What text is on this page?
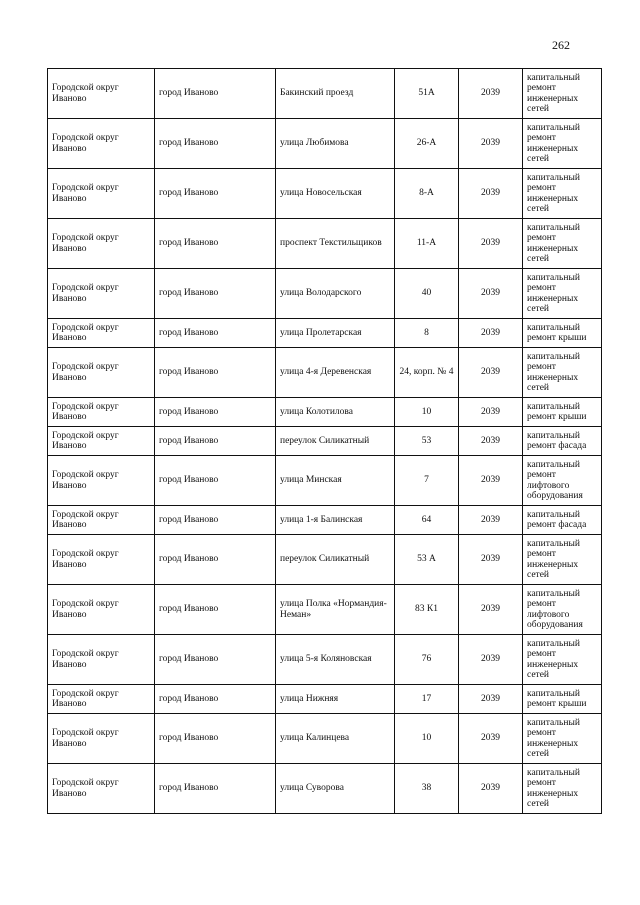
262
Городской округ Иваново	город Иваново	Бакинский проезд	51А	2039	капитальный ремонт инженерных сетей
Городской округ Иваново	город Иваново	улица Любимова	26-А	2039	капитальный ремонт инженерных сетей
Городской округ Иваново	город Иваново	улица Новосельская	8-А	2039	капитальный ремонт инженерных сетей
Городской округ Иваново	город Иваново	проспект Текстильщиков	11-А	2039	капитальный ремонт инженерных сетей
Городской округ Иваново	город Иваново	улица Володарского	40	2039	капитальный ремонт инженерных сетей
Городской округ Иваново	город Иваново	улица Пролетарская	8	2039	капитальный ремонт крыши
Городской округ Иваново	город Иваново	улица 4-я Деревенская	24, корп. № 4	2039	капитальный ремонт инженерных сетей
Городской округ Иваново	город Иваново	улица Колотилова	10	2039	капитальный ремонт крыши
Городской округ Иваново	город Иваново	переулок Силикатный	53	2039	капитальный ремонт фасада
Городской округ Иваново	город Иваново	улица Минская	7	2039	капитальный ремонт лифтового оборудования
Городской округ Иваново	город Иваново	улица 1-я Балинская	64	2039	капитальный ремонт фасада
Городской округ Иваново	город Иваново	переулок Силикатный	53 А	2039	капитальный ремонт инженерных сетей
Городской округ Иваново	город Иваново	улица Полка «Нормандия-Неман»	83 К1	2039	капитальный ремонт лифтового оборудования
Городской округ Иваново	город Иваново	улица 5-я Коляновская	76	2039	капитальный ремонт инженерных сетей
Городской округ Иваново	город Иваново	улица Нижняя	17	2039	капитальный ремонт крыши
Городской округ Иваново	город Иваново	улица Калинцева	10	2039	капитальный ремонт инженерных сетей
Городской округ Иваново	город Иваново	улица Суворова	38	2039	капитальный ремонт инженерных сетей
